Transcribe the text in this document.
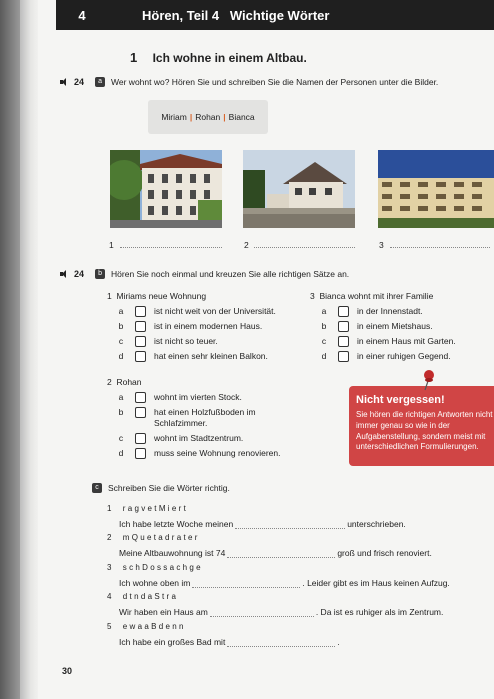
4	Hören, Teil 4   Wichtige Wörter
1 Ich wohne in einem Altbau.
24	a	Wer wohnt wo? Hören Sie und schreiben Sie die Namen der Personen unter die Bilder.
Miriam | Rohan | Bianca
1	2	3
24	b	Hören Sie noch einmal und kreuzen Sie alle richtigen Sätze an.
1 Miriams neue Wohnung
a	ist nicht weit von der Universität.
b	ist in einem modernen Haus.
c	ist nicht so teuer.
d	hat einen sehr kleinen Balkon.
3 Bianca wohnt mit ihrer Familie
a	in der Innenstadt.
b	in einem Mietshaus.
c	in einem Haus mit Garten.
d	in einer ruhigen Gegend.
2 Rohan
a	wohnt im vierten Stock.
b	hat einen Holzfußboden im Schlafzimmer.
c	wohnt im Stadtzentrum.
d	muss seine Wohnung renovieren.
Nicht vergessen!
Sie hören die richtigen Antworten nicht immer genau so wie in der Aufgabenstellung, sondern meist mit unterschiedlichen Formulierungen.
c	Schreiben Sie die Wörter richtig.
1 ragvetMiert
Ich habe letzte Woche meinen	unterschrieben.
2 mQuetadrater
Meine Altbauwohnung ist 74	groß und frisch renoviert.
3 schDossachge
Ich wohne oben im	. Leider gibt es im Haus keinen Aufzug.
4 dtndaStra
Wir haben ein Haus am	. Da ist es ruhiger als im Zentrum.
5 ewaaBdenn
Ich habe ein großes Bad mit	.
30
